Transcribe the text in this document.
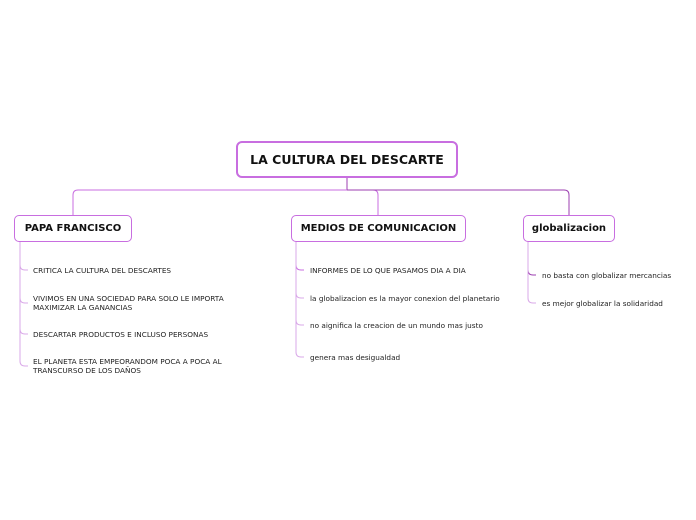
LA CULTURA DEL DESCARTE
PAPA FRANCISCO	MEDIOS DE COMUNICACION	globalizacion
CRITICA LA CULTURA DEL DESCARTES
VIVIMOS EN UNA SOCIEDAD PARA SOLO LE IMPORTA
MAXIMIZAR LA GANANCIAS
DESCARTAR PRODUCTOS E INCLUSO PERSONAS
EL PLANETA ESTA EMPEORANDOM POCA A POCA AL
TRANSCURSO DE LOS DAÑOS
INFORMES DE LO QUE PASAMOS DIA A DIA
la globalizacion es la mayor conexion del planetario
no aignifica la creacion de un mundo mas justo
genera mas desigualdad
no basta con globalizar mercancias
es mejor globalizar la solidaridad
